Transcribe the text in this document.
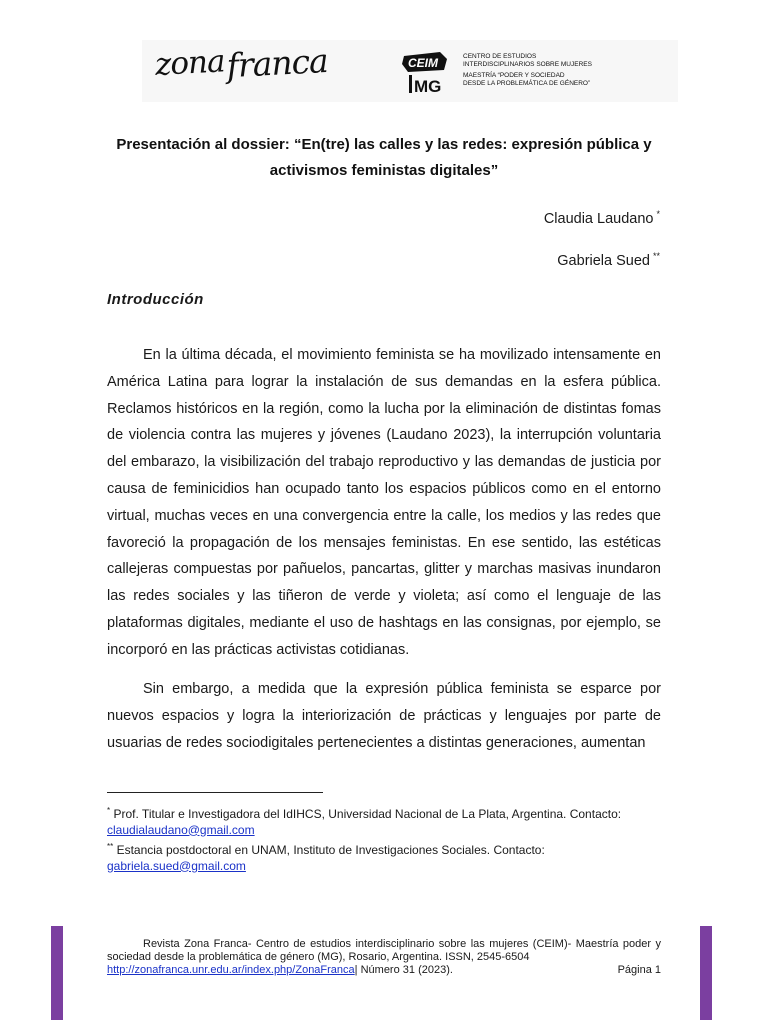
zonafranca	CEIM
MG
CENTRO DE ESTUDIOS
INTERDISCIPLINARIOS SOBRE MUJERES

MAESTRÍA “PODER Y SOCIEDAD
DESDE LA PROBLEMÁTICA DE GÉNERO”
Presentación al dossier: “En(tre) las calles y las redes: expresión pública y activismos feministas digitales”
Claudia Laudano *
Gabriela Sued **
Introducción

En la última década, el movimiento feminista se ha movilizado intensamente en América Latina para lograr la instalación de sus demandas en la esfera pública. Reclamos históricos en la región, como la lucha por la eliminación de distintas fomas de violencia contra las mujeres y jóvenes (Laudano 2023), la interrupción voluntaria del embarazo, la visibilización del trabajo reproductivo y las demandas de justicia por causa de feminicidios han ocupado tanto los espacios públicos como en el entorno virtual, muchas veces en una convergencia entre la calle, los medios y las redes que favoreció la propagación de los mensajes feministas. En ese sentido, las estéticas callejeras compuestas por pañuelos, pancartas, glitter y marchas masivas inundaron las redes sociales y las tiñeron de verde y violeta; así como el lenguaje de las plataformas digitales, mediante el uso de hashtags en las consignas, por ejemplo, se incorporó en las prácticas activistas cotidianas.

Sin embargo, a medida que la expresión pública feminista se esparce por nuevos espacios y logra la interiorización de prácticas y lenguajes por parte de usuarias de redes sociodigitales pertenecientes a distintas generaciones, aumentan

* Prof. Titular e Investigadora del IdIHCS, Universidad Nacional de La Plata, Argentina. Contacto:
claudialaudano@gmail.com

** Estancia postdoctoral en UNAM, Instituto de Investigaciones Sociales. Contacto:
gabriela.sued@gmail.com

Revista Zona Franca- Centro de estudios interdisciplinario sobre las mujeres (CEIM)- Maestría poder y sociedad desde la problemática de género (MG), Rosario, Argentina. ISSN, 2545-6504
http://zonafranca.unr.edu.ar/index.php/ZonaFranca| Número 31 (2023).	Página 1
